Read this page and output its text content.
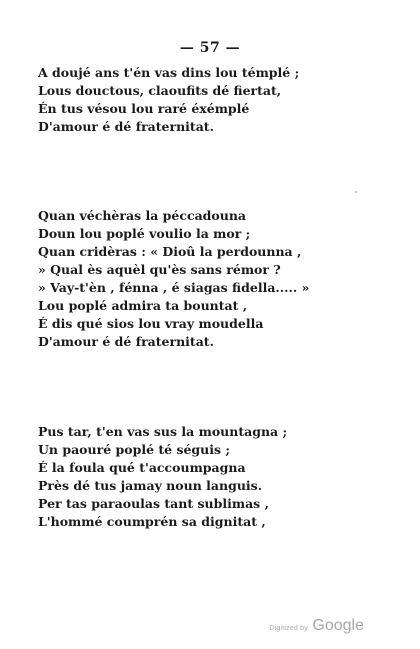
— 57 —
A doujé ans t'én vas dins lou témplé ;
Lous douctous, claoufits dé fiertat,
Én tus vésou lou raré éxémplé
D'amour é dé fraternitat.
Quan véchèras la péccadouna
Doun lou poplé voulio la mor ;
Quan cridèras : « Dioû la perdounna ,
» Qual ès aquèl qu'ès sans rémor ?
» Vay-t'èn , fénna , é siagas fidella..... »
Lou poplé admira ta bountat ,
É dis qué sios lou vray moudella
D'amour é dé fraternitat.
Pus tar, t'en vas sus la mountagna ;
Un paouré poplé té séguis ;
É la foula qué t'accoumpagna
Près dé tus jamay noun languis.
Per tas paraoulas tant sublimas ,
L'hommé coumprén sa dignitat ,
Digitized by Google
